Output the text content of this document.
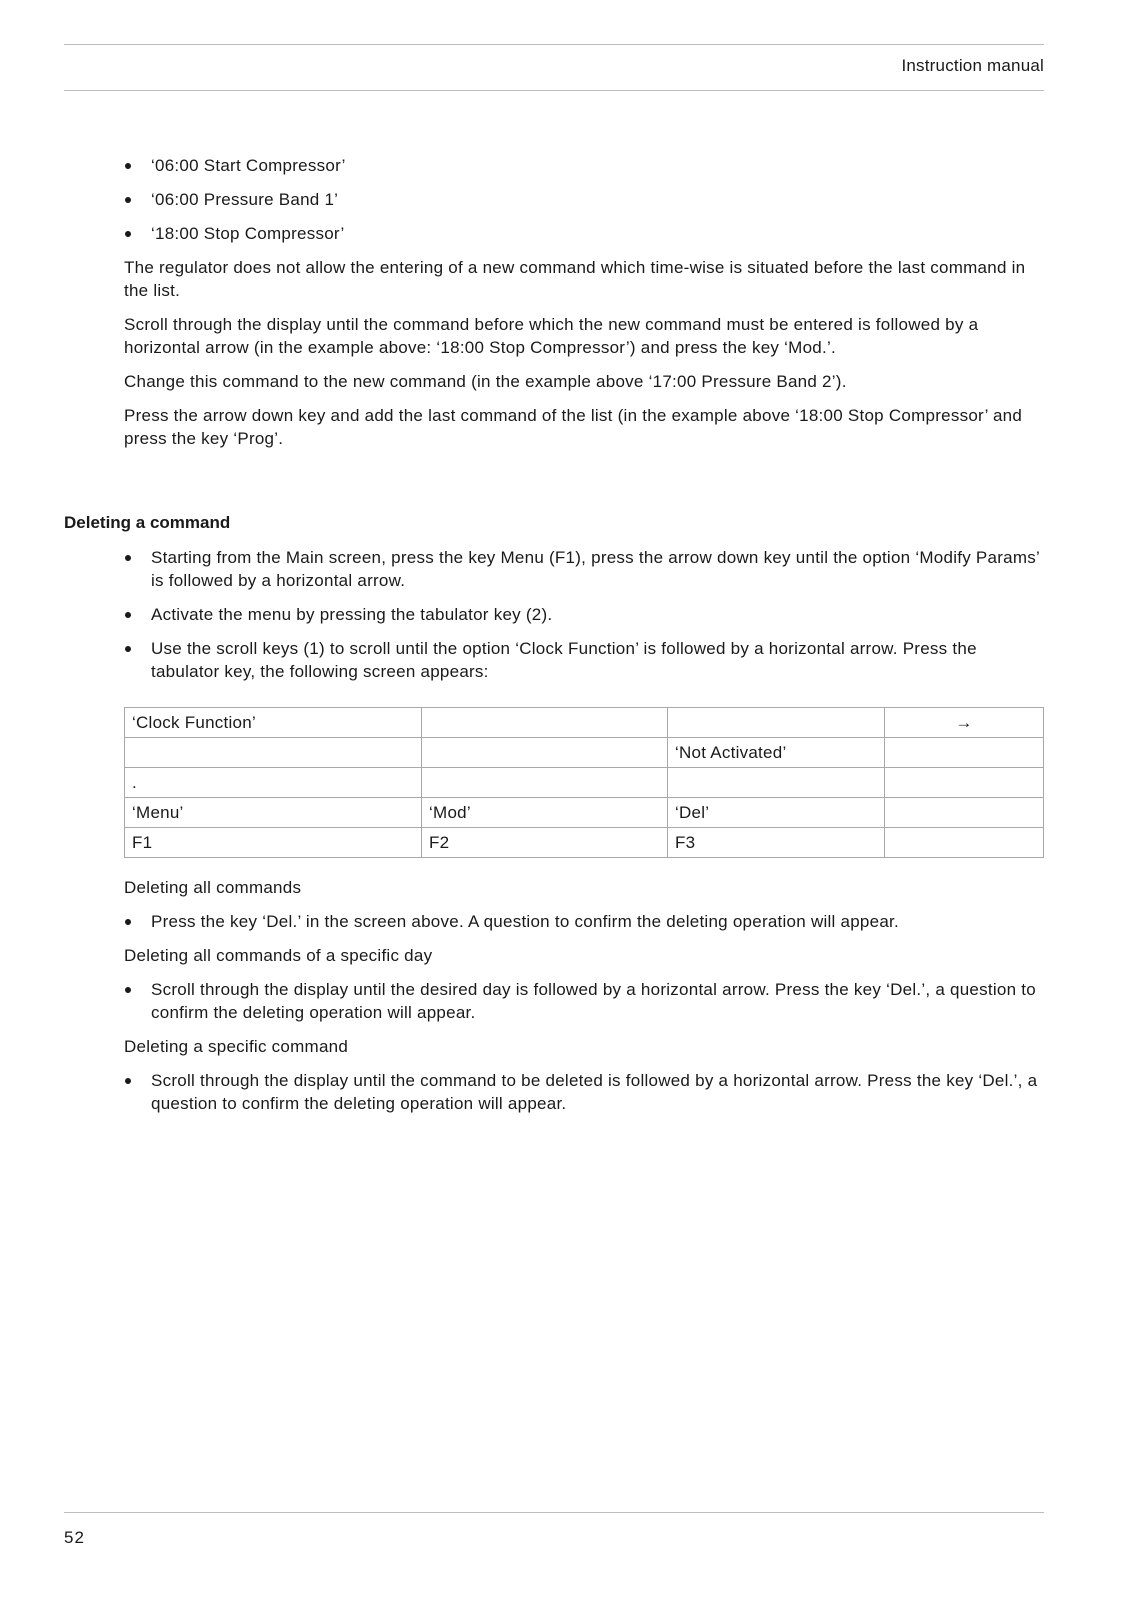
Instruction manual
‘06:00 Start Compressor’
‘06:00 Pressure Band 1’
‘18:00 Stop Compressor’

The regulator does not allow the entering of a new command which time-wise is situated before the last command in the list.

Scroll through the display until the command before which the new command must be entered is followed by a horizontal arrow (in the example above: ‘18:00 Stop Compressor’) and press the key ‘Mod.’.

Change this command to the new command (in the example above ‘17:00 Pressure Band 2’).

Press the arrow down key and add the last command of the list (in the example above ‘18:00 Stop Compressor’ and press the key ‘Prog’.

Deleting a command
Starting from the Main screen, press the key Menu (F1), press the arrow down key until the option ‘Modify Params’ is followed by a horizontal arrow.
Activate the menu by pressing the tabulator key (2).
Use the scroll keys (1) to scroll until the option ‘Clock Function’ is followed by a horizontal arrow. Press the tabulator key, the following screen appears:
‘Clock Function’			→
		‘Not Activated’	
.			
‘Menu’	‘Mod’	‘Del’	
F1	F2	F3	

Deleting all commands

Press the key ‘Del.’ in the screen above. A question to confirm the deleting operation will appear.

Deleting all commands of a specific day

Scroll through the display until the desired day is followed by a horizontal arrow. Press the key ‘Del.’, a question to confirm the deleting operation will appear.

Deleting a specific command

Scroll through the display until the command to be deleted is followed by a horizontal arrow. Press the key ‘Del.’, a question to confirm the deleting operation will appear.
52
